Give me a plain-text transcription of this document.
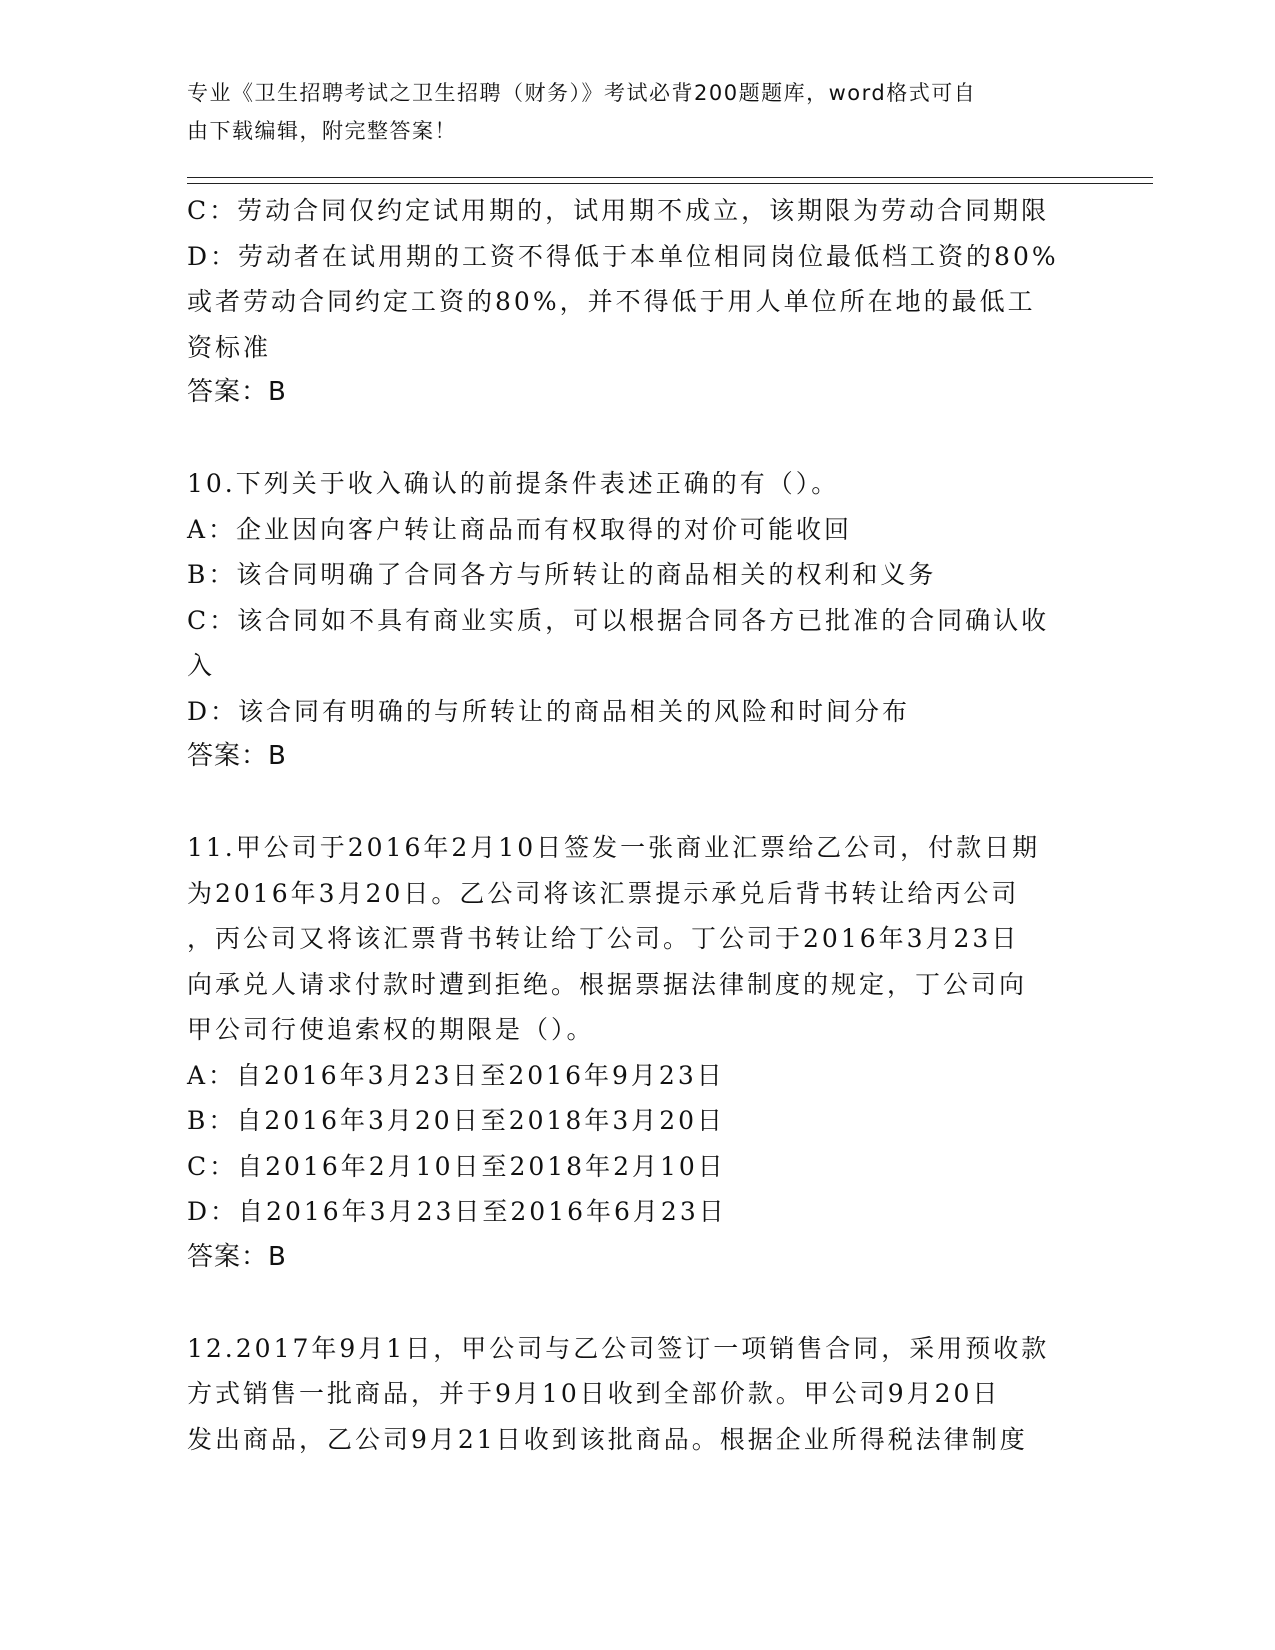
专业《卫生招聘考试之卫生招聘（财务）》考试必背200题题库，word格式可自
由下载编辑，附完整答案！
C：劳动合同仅约定试用期的，试用期不成立，该期限为劳动合同期限
D：劳动者在试用期的工资不得低于本单位相同岗位最低档工资的80%
或者劳动合同约定工资的80%，并不得低于用人单位所在地的最低工
资标准
答案：B
10.下列关于收入确认的前提条件表述正确的有（）。
A：企业因向客户转让商品而有权取得的对价可能收回
B：该合同明确了合同各方与所转让的商品相关的权利和义务
C：该合同如不具有商业实质，可以根据合同各方已批准的合同确认收
入
D：该合同有明确的与所转让的商品相关的风险和时间分布
答案：B
11.甲公司于2016年2月10日签发一张商业汇票给乙公司，付款日期
为2016年3月20日。乙公司将该汇票提示承兑后背书转让给丙公司
，丙公司又将该汇票背书转让给丁公司。丁公司于2016年3月23日
向承兑人请求付款时遭到拒绝。根据票据法律制度的规定，丁公司向
甲公司行使追索权的期限是（）。
A：自2016年3月23日至2016年9月23日
B：自2016年3月20日至2018年3月20日
C：自2016年2月10日至2018年2月10日
D：自2016年3月23日至2016年6月23日
答案：B
12.2017年9月1日，甲公司与乙公司签订一项销售合同，采用预收款
方式销售一批商品，并于9月10日收到全部价款。甲公司9月20日
发出商品，乙公司9月21日收到该批商品。根据企业所得税法律制度
